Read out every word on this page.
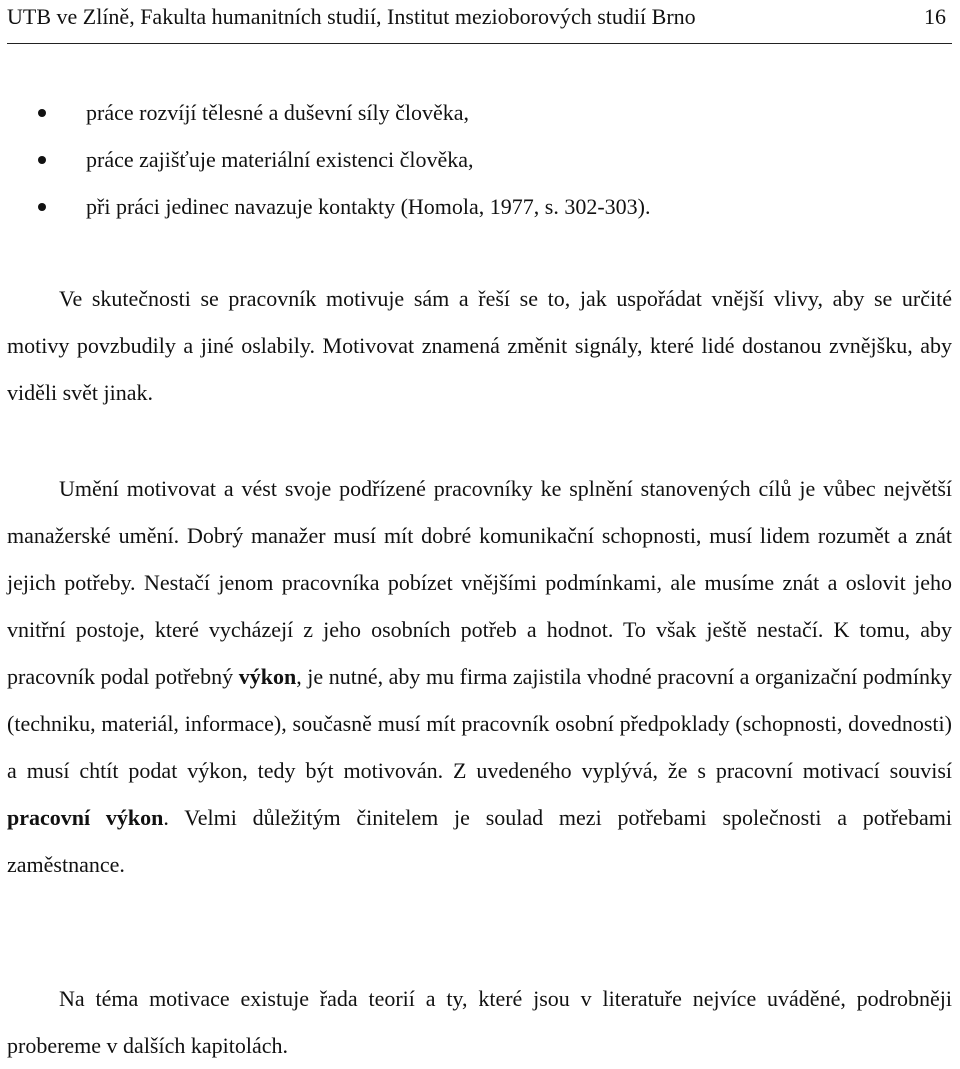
UTB ve Zlíně, Fakulta humanitních studií, Institut mezioborových studií Brno	16
práce rozvíjí tělesné a duševní síly člověka,
práce zajišťuje materiální existenci člověka,
při práci jedinec navazuje kontakty (Homola, 1977, s. 302-303).

Ve skutečnosti se pracovník motivuje sám a řeší se to, jak uspořádat vnější vlivy, aby se určité motivy povzbudily a jiné oslabily. Motivovat znamená změnit signály, které lidé dostanou zvnějšku, aby viděli svět jinak.

Umění motivovat a vést svoje podřízené pracovníky ke splnění stanovených cílů je vůbec největší manažerské umění. Dobrý manažer musí mít dobré komunikační schopnosti, musí lidem rozumět a znát jejich potřeby. Nestačí jenom pracovníka pobízet vnějšími podmínkami, ale musíme znát a oslovit jeho vnitřní postoje, které vycházejí z jeho osobních potřeb a hodnot. To však ještě nestačí. K tomu, aby pracovník podal potřebný výkon, je nutné, aby mu firma zajistila vhodné pracovní a organizační podmínky (techniku, materiál, informace), současně musí mít pracovník osobní předpoklady (schopnosti, dovednosti) a musí chtít podat výkon, tedy být motivován. Z uvedeného vyplývá, že s pracovní motivací souvisí pracovní výkon. Velmi důležitým činitelem je soulad mezi potřebami společnosti a potřebami zaměstnance.

Na téma motivace existuje řada teorií a ty, které jsou v literatuře nejvíce uváděné, podrobněji probereme v dalších kapitolách.
